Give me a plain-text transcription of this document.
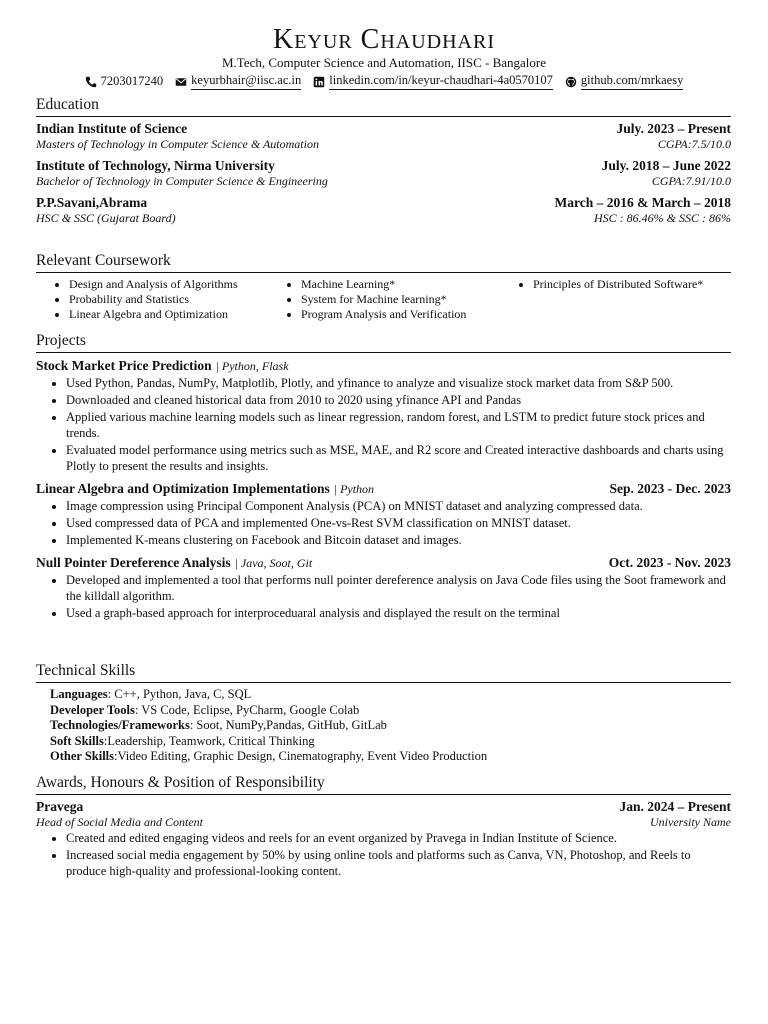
Keyur Chaudhari
M.Tech, Computer Science and Automation, IISC - Bangalore
7203017240 keyurbhair@iisc.ac.in linkedin.com/in/keyur-chaudhari-4a0570107 github.com/mrkaesy
Education
Indian Institute of Science	July. 2023 – Present
Masters of Technology in Computer Science & Automation	CGPA:7.5/10.0
Institute of Technology, Nirma University	July. 2018 – June 2022
Bachelor of Technology in Computer Science & Engineering	CGPA:7.91/10.0
P.P.Savani,Abrama	March – 2016 & March – 2018
HSC & SSC (Gujarat Board)	HSC : 86.46% & SSC : 86%
Relevant Coursework
• Design and Analysis of Algorithms
• Probability and Statistics
• Linear Algebra and Optimization
• Machine Learning*
• System for Machine learning*
• Program Analysis and Verification
• Principles of Distributed Software*
Projects
Stock Market Price Prediction | Python, Flask
• Used Python, Pandas, NumPy, Matplotlib, Plotly, and yfinance to analyze and visualize stock market data from S&P 500.
• Downloaded and cleaned historical data from 2010 to 2020 using yfinance API and Pandas
• Applied various machine learning models such as linear regression, random forest, and LSTM to predict future stock prices and trends.
• Evaluated model performance using metrics such as MSE, MAE, and R2 score and Created interactive dashboards and charts using Plotly to present the results and insights.
Linear Algebra and Optimization Implementations | Python	Sep. 2023 - Dec. 2023
• Image compression using Principal Component Analysis (PCA) on MNIST dataset and analyzing compressed data.
• Used compressed data of PCA and implemented One-vs-Rest SVM classification on MNIST dataset.
• Implemented K-means clustering on Facebook and Bitcoin dataset and images.
Null Pointer Dereference Analysis | Java, Soot, Git	Oct. 2023 - Nov. 2023
• Developed and implemented a tool that performs null pointer dereference analysis on Java Code files using the Soot framework and the killdall algorithm.
• Used a graph-based approach for interproceduaral analysis and displayed the result on the terminal
Technical Skills
Languages: C++, Python, Java, C, SQL
Developer Tools: VS Code, Eclipse, PyCharm, Google Colab
Technologies/Frameworks: Soot, NumPy,Pandas, GitHub, GitLab
Soft Skills:Leadership, Teamwork, Critical Thinking
Other Skills:Video Editing, Graphic Design, Cinematography, Event Video Production
Awards, Honours & Position of Responsibility
Pravega	Jan. 2024 – Present
Head of Social Media and Content	University Name
• Created and edited engaging videos and reels for an event organized by Pravega in Indian Institute of Science.
• Increased social media engagement by 50% by using online tools and platforms such as Canva, VN, Photoshop, and Reels to produce high-quality and professional-looking content.
